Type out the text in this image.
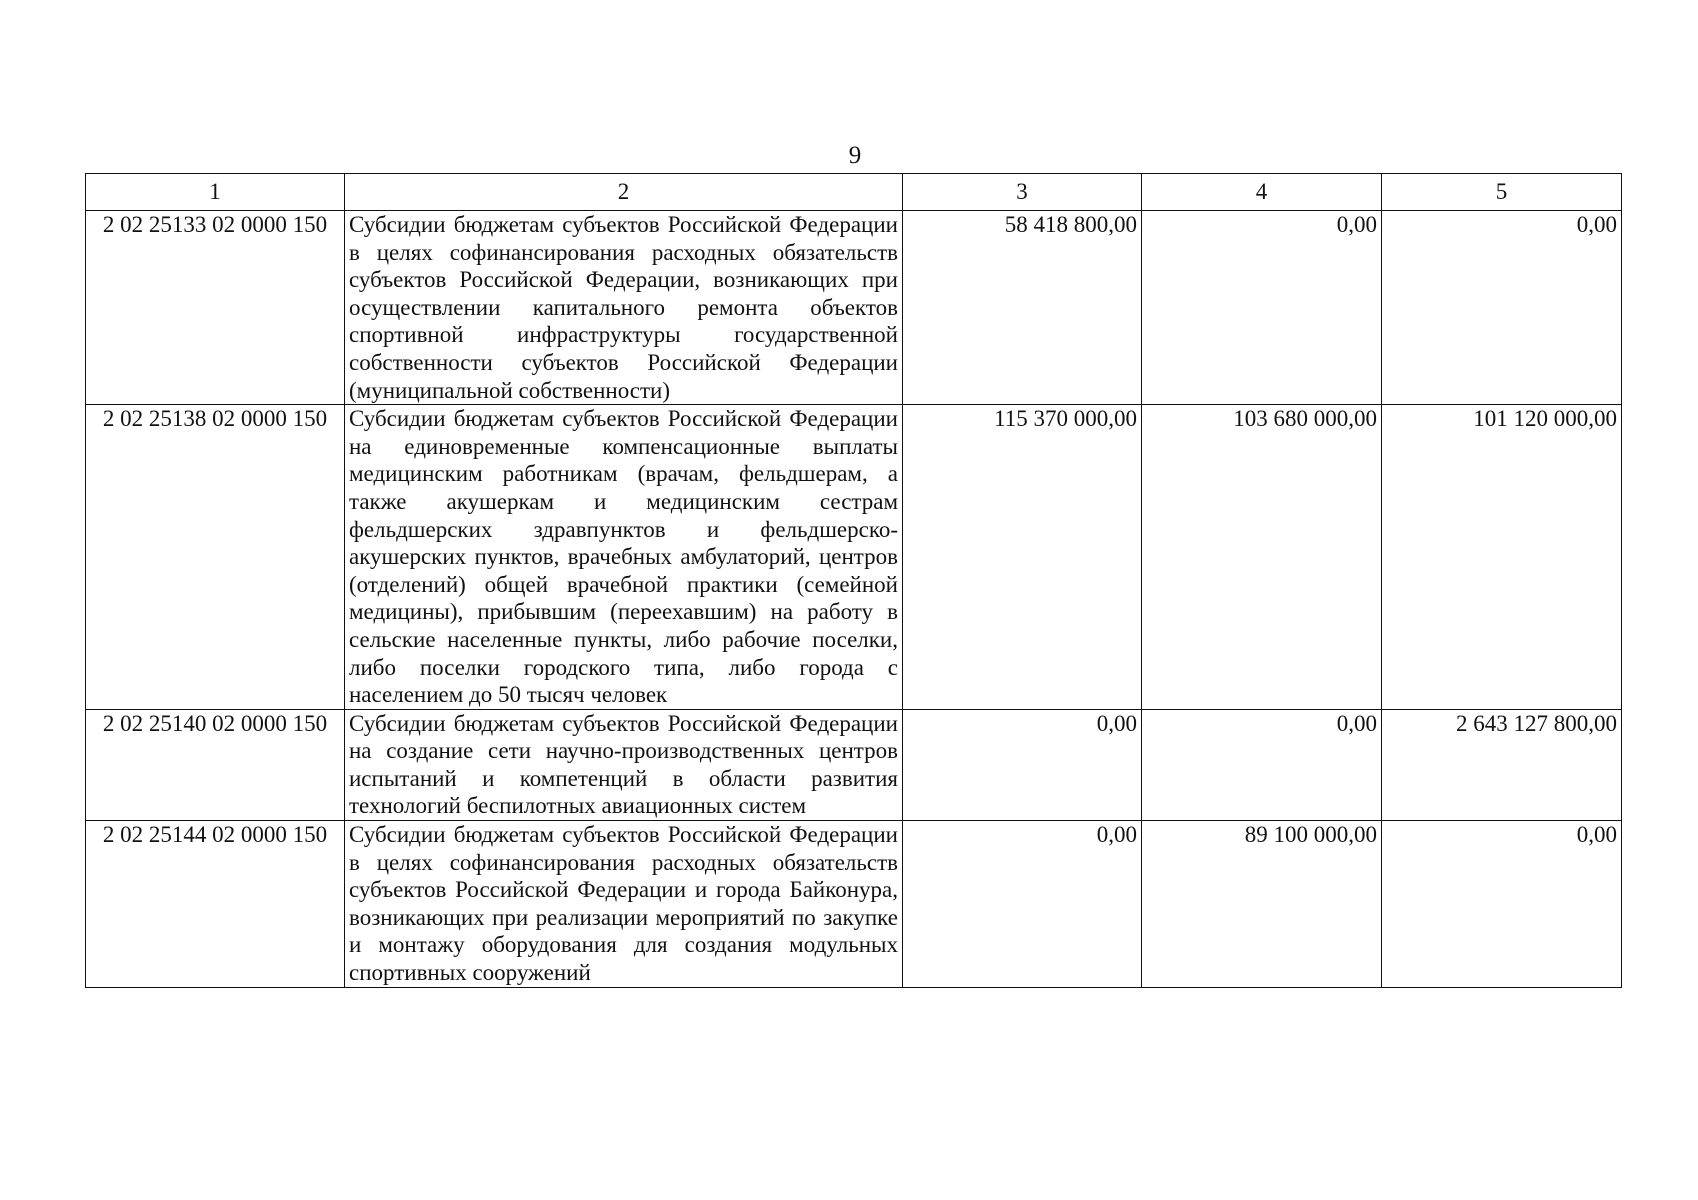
9
1	2	3	4	5
2 02 25133 02 0000 150	Субсидии бюджетам субъектов Российской Федерации в целях софинансирования расходных обязательств субъектов Российской Федерации, возникающих при осуществлении капитального ремонта объектов спортивной инфраструктуры государственной собственности субъектов Российской Федерации (муниципальной собственности)	58 418 800,00	0,00	0,00
2 02 25138 02 0000 150	Субсидии бюджетам субъектов Российской Федерации на единовременные компенсационные выплаты медицинским работникам (врачам, фельдшерам, а также акушеркам и медицинским сестрам фельдшерских здравпунктов и фельдшерско-акушерских пунктов, врачебных амбулаторий, центров (отделений) общей врачебной практики (семейной медицины), прибывшим (переехавшим) на работу в сельские населенные пункты, либо рабочие поселки, либо поселки городского типа, либо города с населением до 50 тысяч человек	115 370 000,00	103 680 000,00	101 120 000,00
2 02 25140 02 0000 150	Субсидии бюджетам субъектов Российской Федерации на создание сети научно-производственных центров испытаний и компетенций в области развития технологий беспилотных авиационных систем	0,00	0,00	2 643 127 800,00
2 02 25144 02 0000 150	Субсидии бюджетам субъектов Российской Федерации в целях софинансирования расходных обязательств субъектов Российской Федерации и города Байконура, возникающих при реализации мероприятий по закупке и монтажу оборудования для создания модульных спортивных сооружений	0,00	89 100 000,00	0,00
